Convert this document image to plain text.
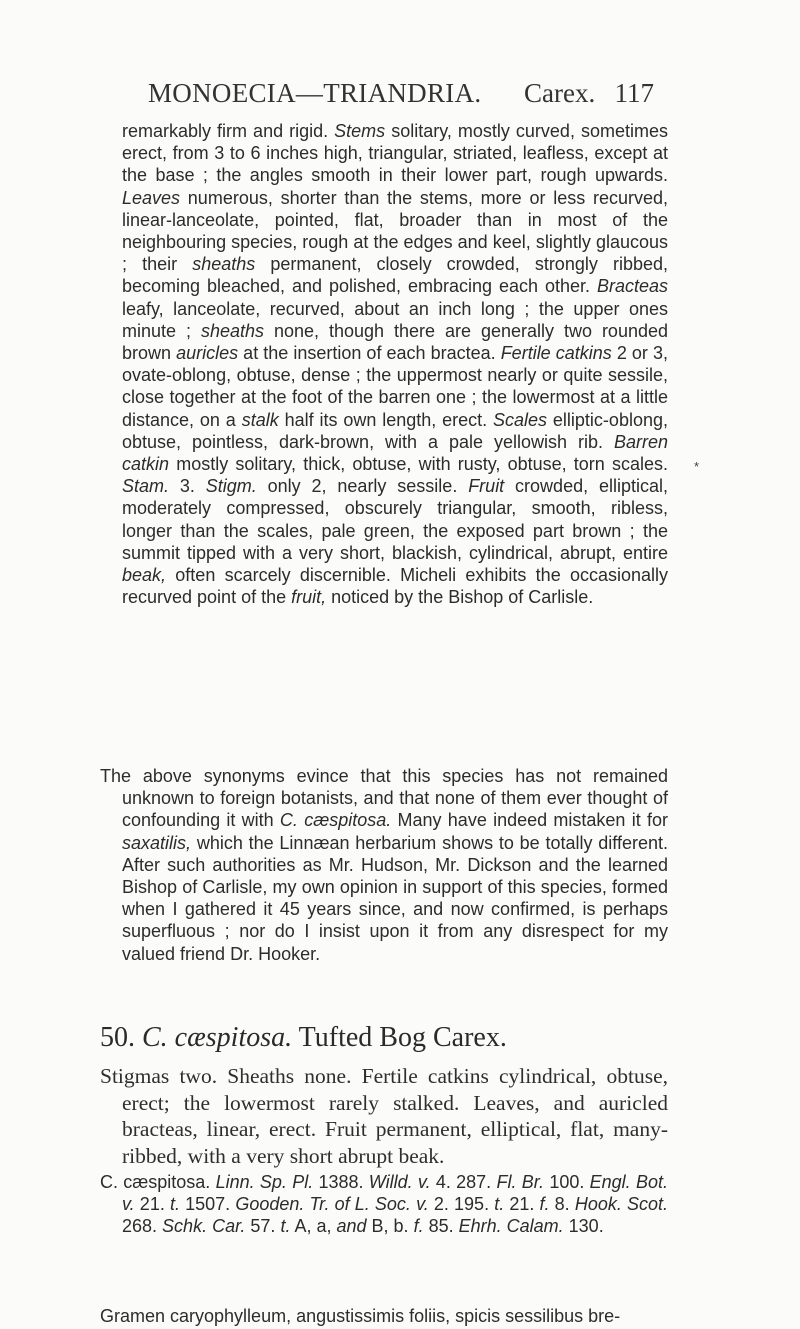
MONOECIA—TRIANDRIA. Carex. 117

remarkably firm and rigid. Stems solitary, mostly curved, sometimes erect, from 3 to 6 inches high, triangular, striated, leafless, except at the base ; the angles smooth in their lower part, rough upwards. Leaves numerous, shorter than the stems, more or less recurved, linear-lanceolate, pointed, flat, broader than in most of the neighbouring species, rough at the edges and keel, slightly glaucous ; their sheaths permanent, closely crowded, strongly ribbed, becoming bleached, and polished, embracing each other. Bracteas leafy, lanceolate, recurved, about an inch long ; the upper ones minute ; sheaths none, though there are generally two rounded brown auricles at the insertion of each bractea. Fertile catkins 2 or 3, ovate-oblong, obtuse, dense ; the uppermost nearly or quite sessile, close together at the foot of the barren one ; the lowermost at a little distance, on a stalk half its own length, erect. Scales elliptic-oblong, obtuse, pointless, dark-brown, with a pale yellowish rib. Barren catkin mostly solitary, thick, obtuse, with rusty, obtuse, torn scales. Stam. 3. Stigm. only 2, nearly sessile. Fruit crowded, elliptical, moderately compressed, obscurely triangular, smooth, ribless, longer than the scales, pale green, the exposed part brown ; the summit tipped with a very short, blackish, cylindrical, abrupt, entire beak, often scarcely discernible. Micheli exhibits the occasionally recurved point of the fruit, noticed by the Bishop of Carlisle.

*

The above synonyms evince that this species has not remained unknown to foreign botanists, and that none of them ever thought of confounding it with C. cæspitosa. Many have indeed mistaken it for saxatilis, which the Linnæan herbarium shows to be totally different. After such authorities as Mr. Hudson, Mr. Dickson and the learned Bishop of Carlisle, my own opinion in support of this species, formed when I gathered it 45 years since, and now confirmed, is perhaps superfluous ; nor do I insist upon it from any disrespect for my valued friend Dr. Hooker.

50. C. cæspitosa. Tufted Bog Carex.

Stigmas two. Sheaths none. Fertile catkins cylindrical, obtuse, erect; the lowermost rarely stalked. Leaves, and auricled bracteas, linear, erect. Fruit permanent, elliptical, flat, many-ribbed, with a very short abrupt beak.

C. cæspitosa. Linn. Sp. Pl. 1388. Willd. v. 4. 287. Fl. Br. 100. Engl. Bot. v. 21. t. 1507. Gooden. Tr. of L. Soc. v. 2. 195. t. 21. f. 8. Hook. Scot. 268. Schk. Car. 57. t. A, a, and B, b. f. 85. Ehrh. Calam. 130.

Gramen caryophylleum, angustissimis foliis, spicis sessilibus bre-
